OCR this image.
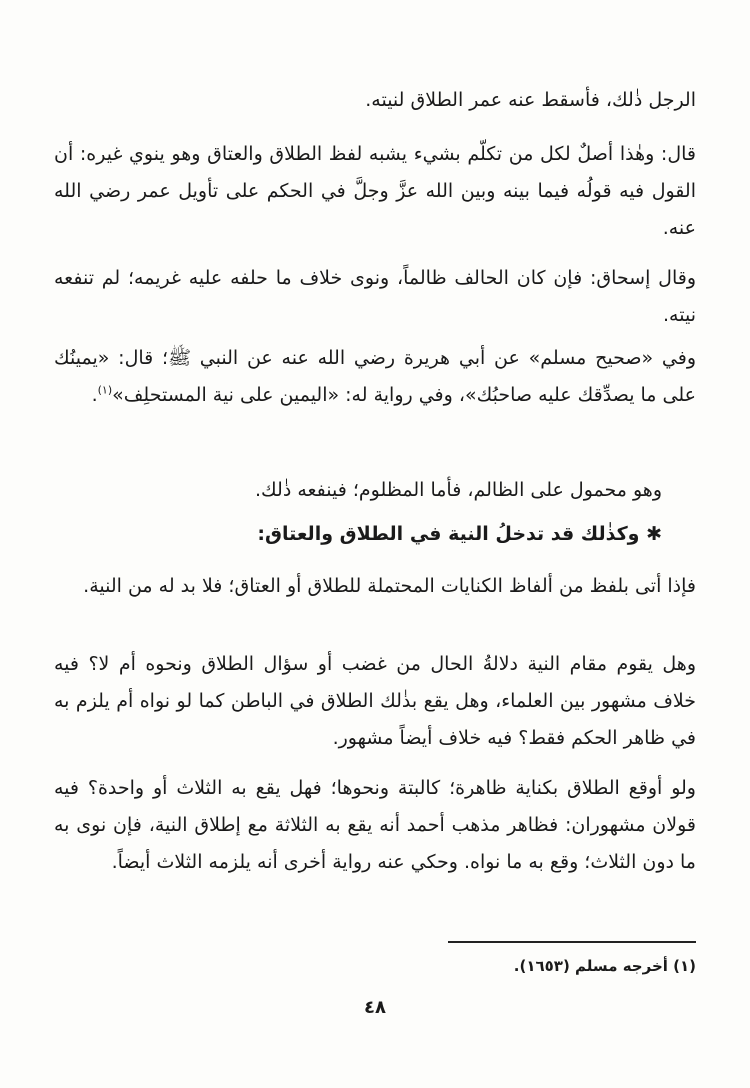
الرجل ذٰلك، فأسقط عنه عمر الطلاق لنيته.
قال: وهٰذا أصلٌ لكل من تكلّم بشيء يشبه لفظ الطلاق والعتاق وهو ينوي غيره: أن القول فيه قولُه فيما بينه وبين الله عزَّ وجلَّ في الحكم على تأويل عمر رضي الله عنه.
وقال إسحاق: فإن كان الحالف ظالماً، ونوى خلاف ما حلفه عليه غريمه؛ لم تنفعه نيته.
وفي «صحيح مسلم» عن أبي هريرة رضي الله عنه عن النبي ﷺ؛ قال: «يمينُك على ما يصدِّقك عليه صاحبُك»، وفي رواية له: «اليمين على نية المستحلِف»$^{(١)}$.
وهو محمول على الظالم، فأما المظلوم؛ فينفعه ذٰلك.
✱ وكذٰلك قد تدخلُ النية في الطلاق والعتاق:
فإذا أتى بلفظ من ألفاظ الكنايات المحتملة للطلاق أو العتاق؛ فلا بد له من النية.
وهل يقوم مقام النية دلالةُ الحال من غضب أو سؤال الطلاق ونحوه أم لا؟ فيه خلاف مشهور بين العلماء، وهل يقع بذٰلك الطلاق في الباطن كما لو نواه أم يلزم به في ظاهر الحكم فقط؟ فيه خلاف أيضاً مشهور.
ولو أوقع الطلاق بكناية ظاهرة؛ كالبتة ونحوها؛ فهل يقع به الثلاث أو واحدة؟ فيه قولان مشهوران: فظاهر مذهب أحمد أنه يقع به الثلاثة مع إطلاق النية، فإن نوى به ما دون الثلاث؛ وقع به ما نواه. وحكي عنه رواية أخرى أنه يلزمه الثلاث أيضاً.
(١) أخرجه مسلم (١٦٥٣).
٤٨
